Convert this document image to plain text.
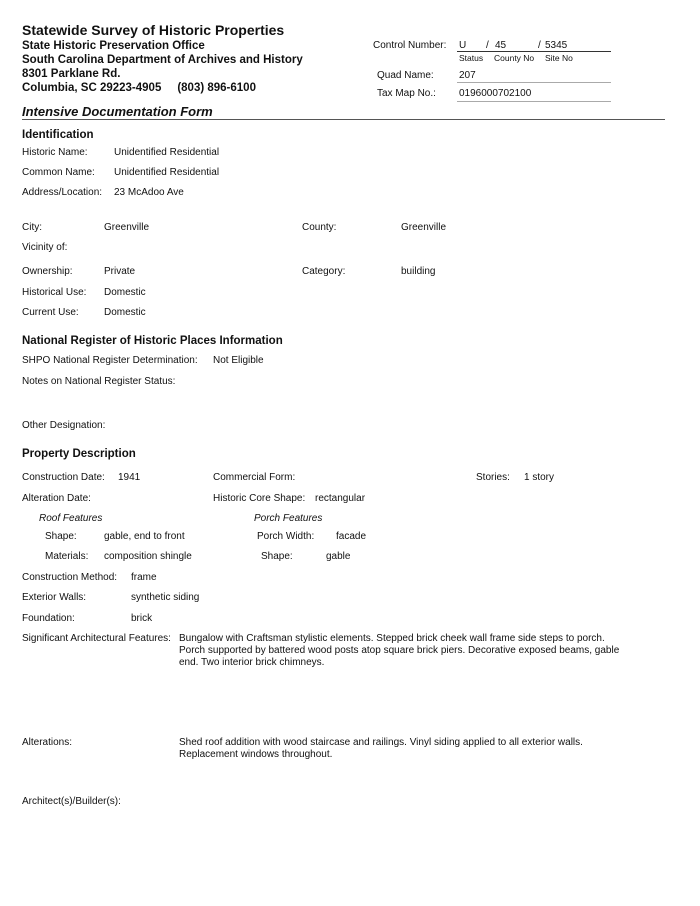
Statewide Survey of Historic Properties
State Historic Preservation Office
South Carolina Department of Archives and History
8301 Parklane Rd.
Columbia, SC 29223-4905     (803) 896-6100
Control Number: U / 45	/ 5345
Status County No Site No
Quad Name:	207
Tax Map No.: 0196000702100
Intensive Documentation Form
Identification
Historic Name:	Unidentified Residential
Common Name: Unidentified Residential
Address/Location: 23 McAdoo Ave
City:	Greenville	County:	Greenville
Vicinity of:
Ownership:	Private	Category:	building
Historical Use: Domestic
Current Use:	Domestic
National Register of Historic Places Information
SHPO National Register Determination: Not Eligible
Notes on National Register Status:
Other Designation:
Property Description
Construction Date: 1941	Commercial Form:	Stories: 1 story
Alteration Date:	Historic Core Shape: rectangular
Roof Features	Porch Features
Shape:	gable, end to front	Porch Width: facade
Materials: composition shingle	Shape:	gable
Construction Method: frame
Exterior Walls:	synthetic siding
Foundation:	brick
Significant Architectural Features: Bungalow with Craftsman stylistic elements. Stepped brick cheek wall frame side steps to porch. Porch supported by battered wood posts atop square brick piers. Decorative exposed beams, gable end. Two interior brick chimneys.
Alterations:	Shed roof addition with wood staircase and railings. Vinyl siding applied to all exterior walls. Replacement windows throughout.
Architect(s)/Builder(s):
